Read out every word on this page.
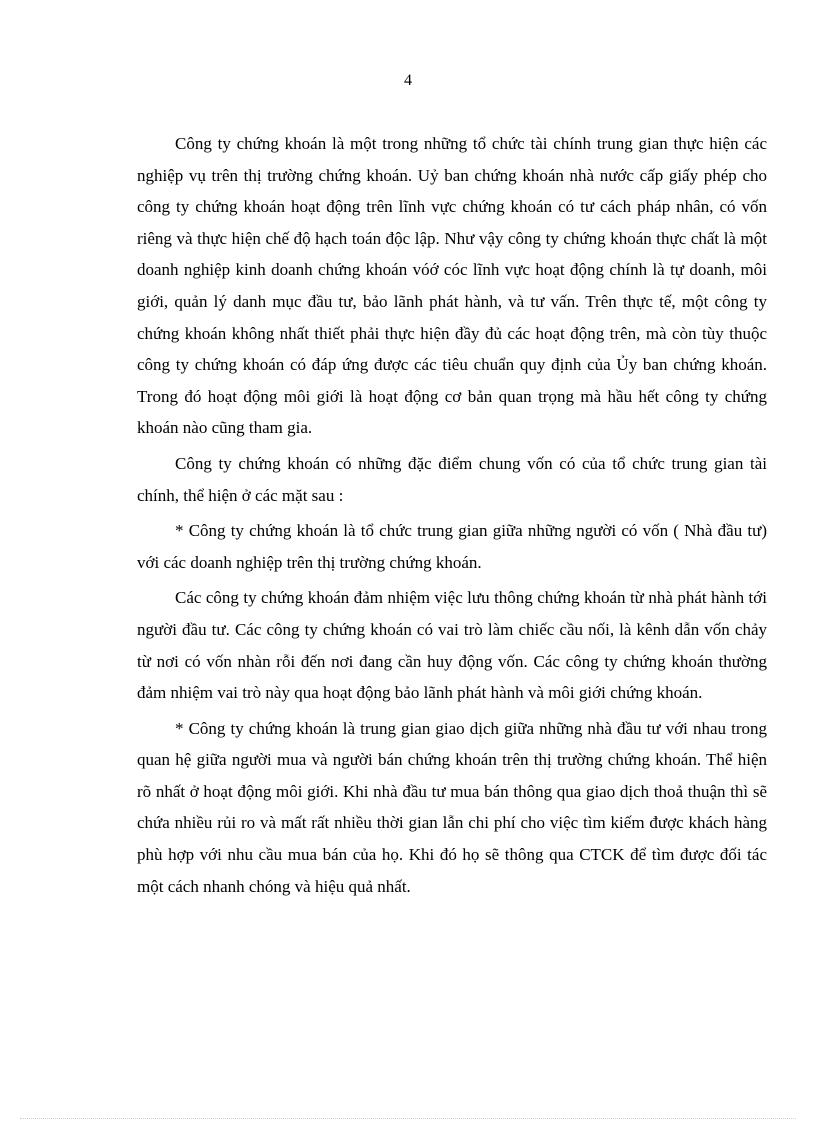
4

Công ty chứng khoán là một trong những tổ chức tài chính trung gian thực hiện các nghiệp vụ trên thị trường chứng khoán. Uỷ ban chứng khoán nhà nước cấp giấy phép cho công ty chứng khoán hoạt động trên lĩnh vực chứng khoán có tư cách pháp nhân, có vốn riêng và thực hiện chế độ hạch toán độc lập. Như vậy công ty chứng khoán thực chất là một doanh nghiệp kinh doanh chứng khoán vóớ cóc lĩnh vực hoạt động chính là tự doanh, môi giới, quản lý danh mục đầu tư, bảo lãnh phát hành, và tư vấn. Trên thực tế, một công ty chứng khoán không nhất thiết phải thực hiện đầy đủ các hoạt động trên, mà còn tùy thuộc công ty chứng khoán có đáp ứng được các tiêu chuẩn quy định của Ủy ban chứng khoán. Trong đó hoạt động môi giới là hoạt động cơ bản quan trọng mà hầu hết công ty chứng khoán nào cũng tham gia.

Công ty chứng khoán có những đặc điểm chung vốn có của tổ chức trung gian tài chính, thể hiện ở các mặt sau :

* Công ty chứng khoán là tổ chức trung gian giữa những người có vốn ( Nhà đầu tư) với các doanh nghiệp trên thị trường chứng khoán.

Các công ty chứng khoán đảm nhiệm việc lưu thông chứng khoán từ nhà phát hành tới người đầu tư. Các công ty chứng khoán có vai trò làm chiếc cầu nối, là kênh dẫn vốn chảy từ nơi có vốn nhàn rỗi đến nơi đang cần huy động vốn. Các công ty chứng khoán thường đảm nhiệm vai trò này qua hoạt động bảo lãnh phát hành và môi giới chứng khoán.

* Công ty chứng khoán là trung gian giao dịch giữa những nhà đầu tư với nhau trong quan hệ giữa người mua và người bán chứng khoán trên thị trường chứng khoán. Thể hiện rõ nhất ở hoạt động môi giới. Khi nhà đầu tư mua bán thông qua giao dịch thoả thuận thì sẽ chứa nhiều rủi ro và mất rất nhiều thời gian lẫn chi phí cho việc tìm kiếm được khách hàng phù hợp với nhu cầu mua bán của họ. Khi đó họ sẽ thông qua CTCK để tìm được đối tác một cách nhanh chóng và hiệu quả nhất.
